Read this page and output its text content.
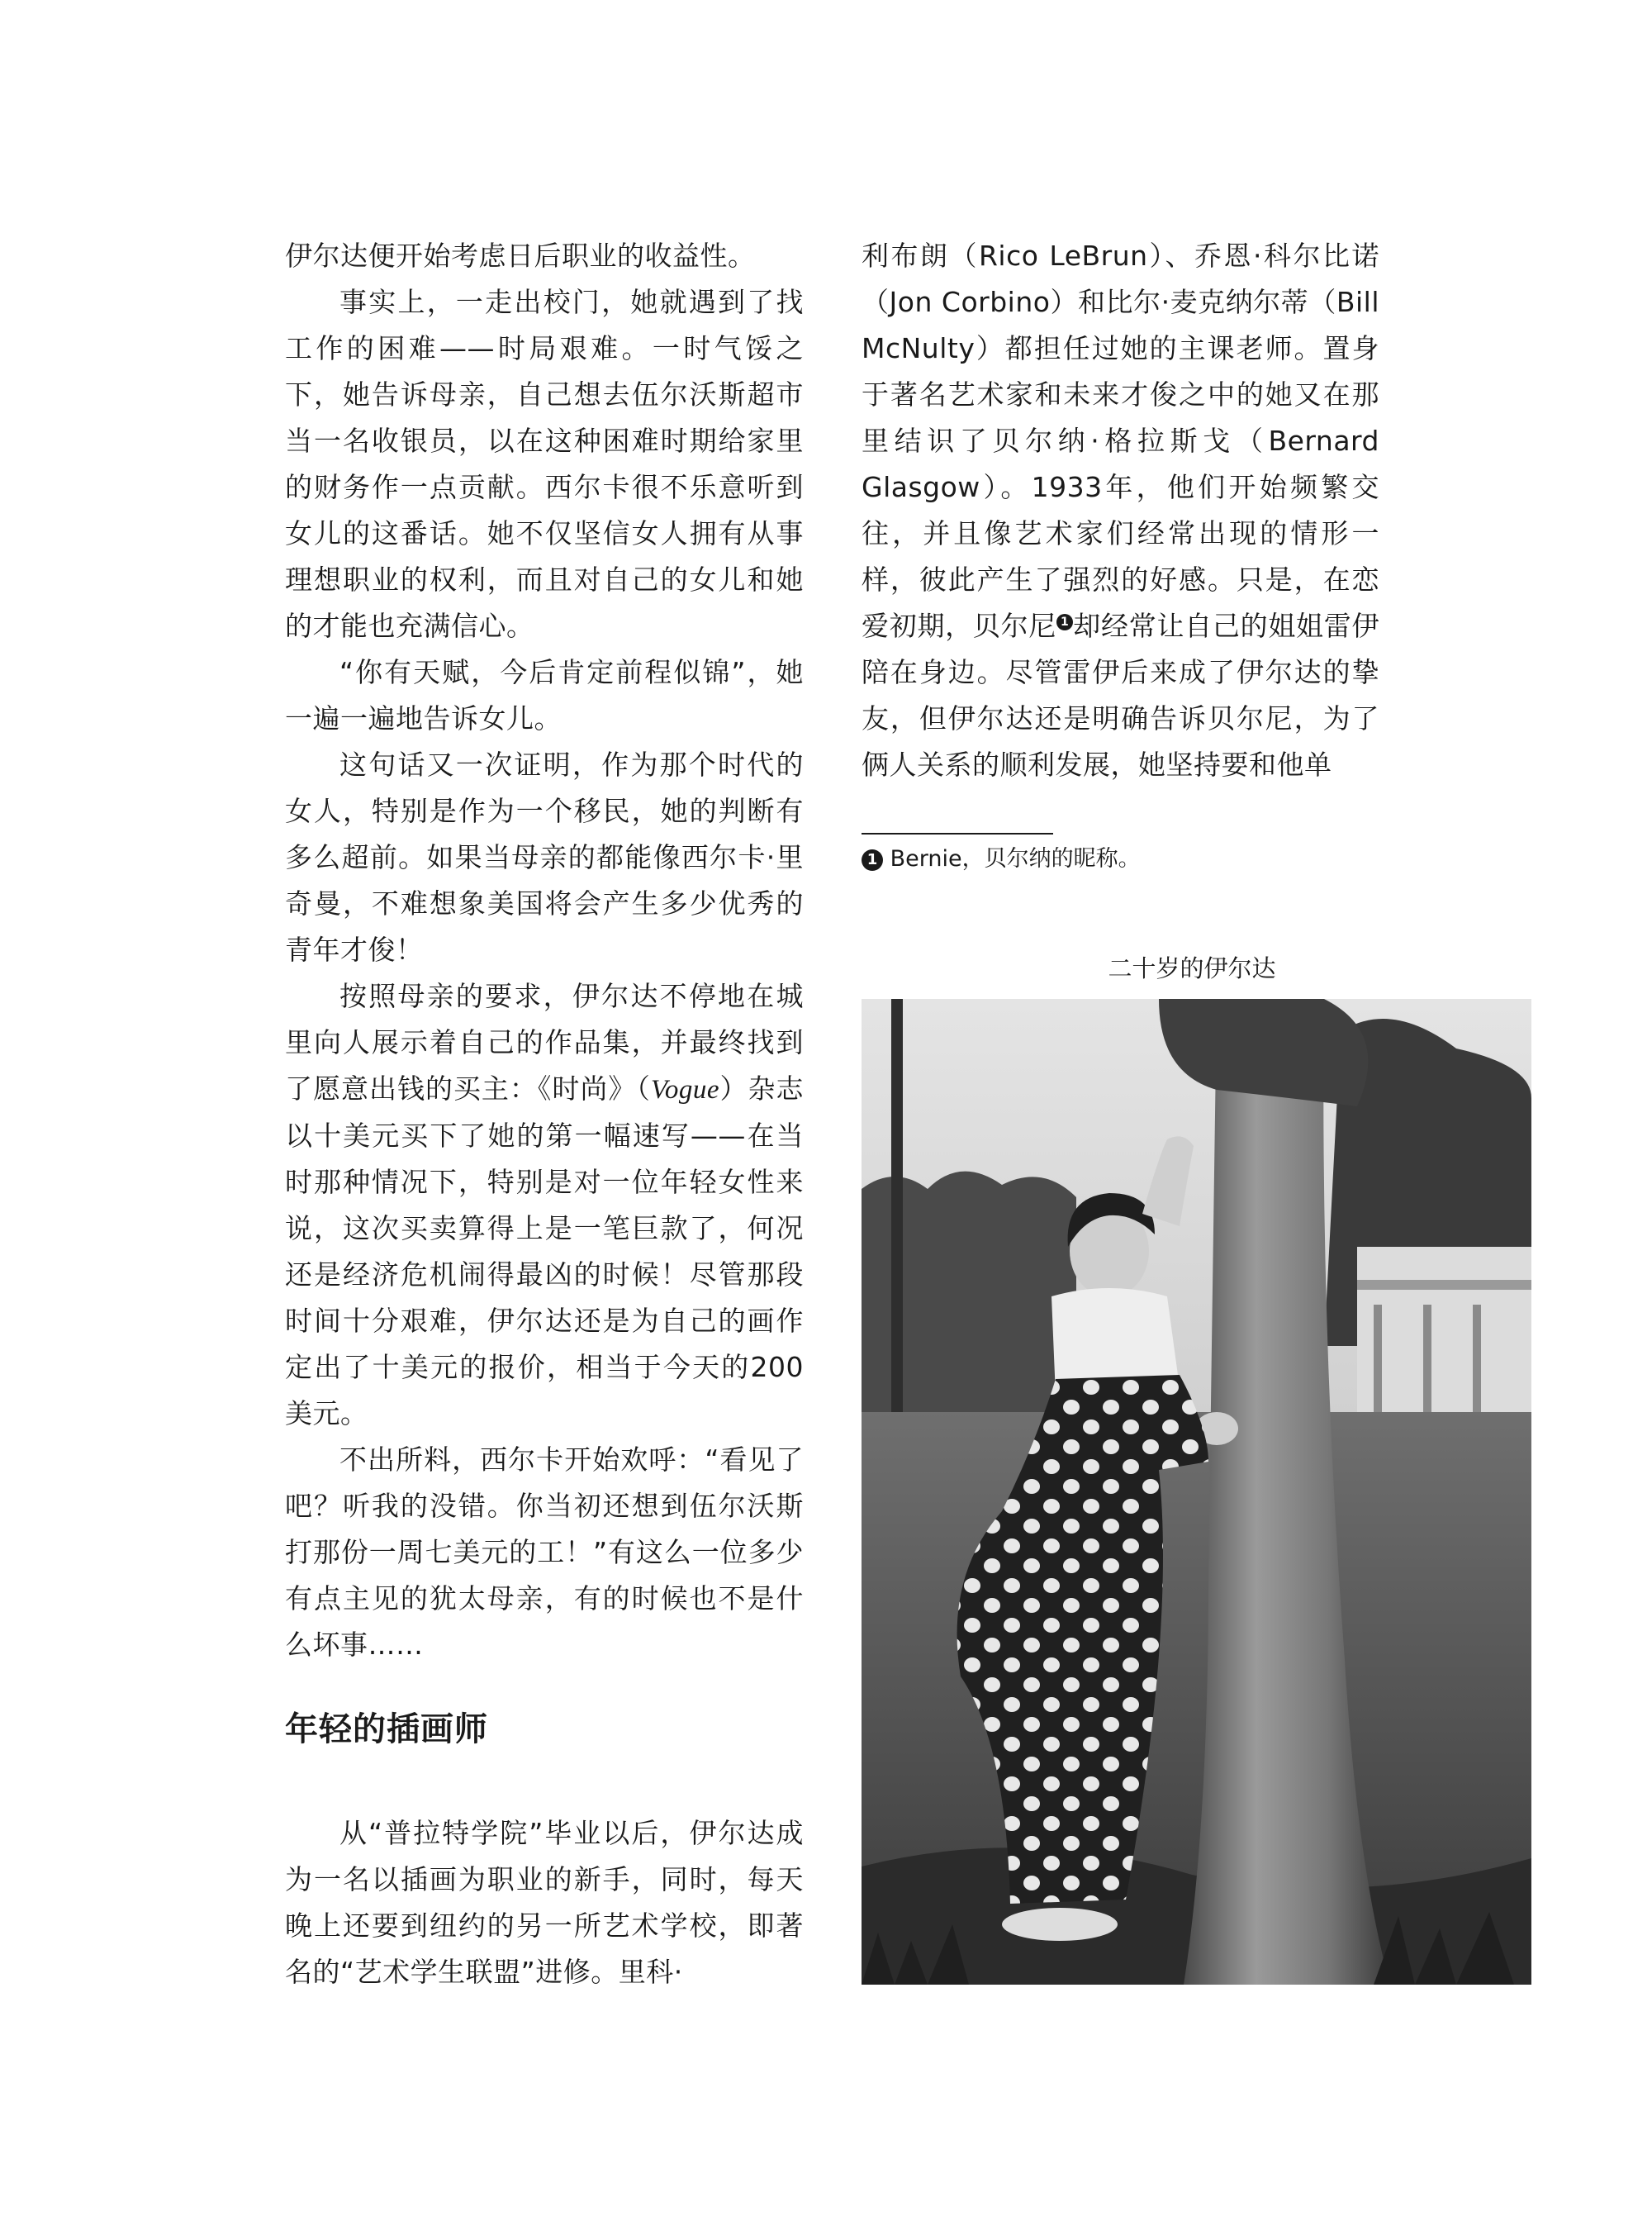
伊尔达便开始考虑日后职业的收益性。

事实上，一走出校门，她就遇到了找工作的困难——时局艰难。一时气馁之下，她告诉母亲，自己想去伍尔沃斯超市当一名收银员，以在这种困难时期给家里的财务作一点贡献。西尔卡很不乐意听到女儿的这番话。她不仅坚信女人拥有从事理想职业的权利，而且对自己的女儿和她的才能也充满信心。

“你有天赋，今后肯定前程似锦”，她一遍一遍地告诉女儿。

这句话又一次证明，作为那个时代的女人，特别是作为一个移民，她的判断有多么超前。如果当母亲的都能像西尔卡·里奇曼，不难想象美国将会产生多少优秀的青年才俊！

按照母亲的要求，伊尔达不停地在城里向人展示着自己的作品集，并最终找到了愿意出钱的买主：《时尚》（Vogue）杂志以十美元买下了她的第一幅速写——在当时那种情况下，特别是对一位年轻女性来说，这次买卖算得上是一笔巨款了，何况还是经济危机闹得最凶的时候！尽管那段时间十分艰难，伊尔达还是为自己的画作定出了十美元的报价，相当于今天的200美元。

不出所料，西尔卡开始欢呼：“看见了吧？听我的没错。你当初还想到伍尔沃斯打那份一周七美元的工！”有这么一位多少有点主见的犹太母亲，有的时候也不是什么坏事……

年轻的插画师

从“普拉特学院”毕业以后，伊尔达成为一名以插画为职业的新手，同时，每天晚上还要到纽约的另一所艺术学校，即著名的“艺术学生联盟”进修。里科·

利布朗（Rico LeBrun）、乔恩·科尔比诺（Jon Corbino）和比尔·麦克纳尔蒂（Bill McNulty）都担任过她的主课老师。置身于著名艺术家和未来才俊之中的她又在那里结识了贝尔纳·格拉斯戈（Bernard Glasgow）。1933年，他们开始频繁交往，并且像艺术家们经常出现的情形一样，彼此产生了强烈的好感。只是，在恋爱初期，贝尔尼 1 却经常让自己的姐姐雷伊陪在身边。尽管雷伊后来成了伊尔达的挚友，但伊尔达还是明确告诉贝尔尼，为了俩人关系的顺利发展，她坚持要和他单

1 Bernie，贝尔纳的昵称。
二十岁的伊尔达
